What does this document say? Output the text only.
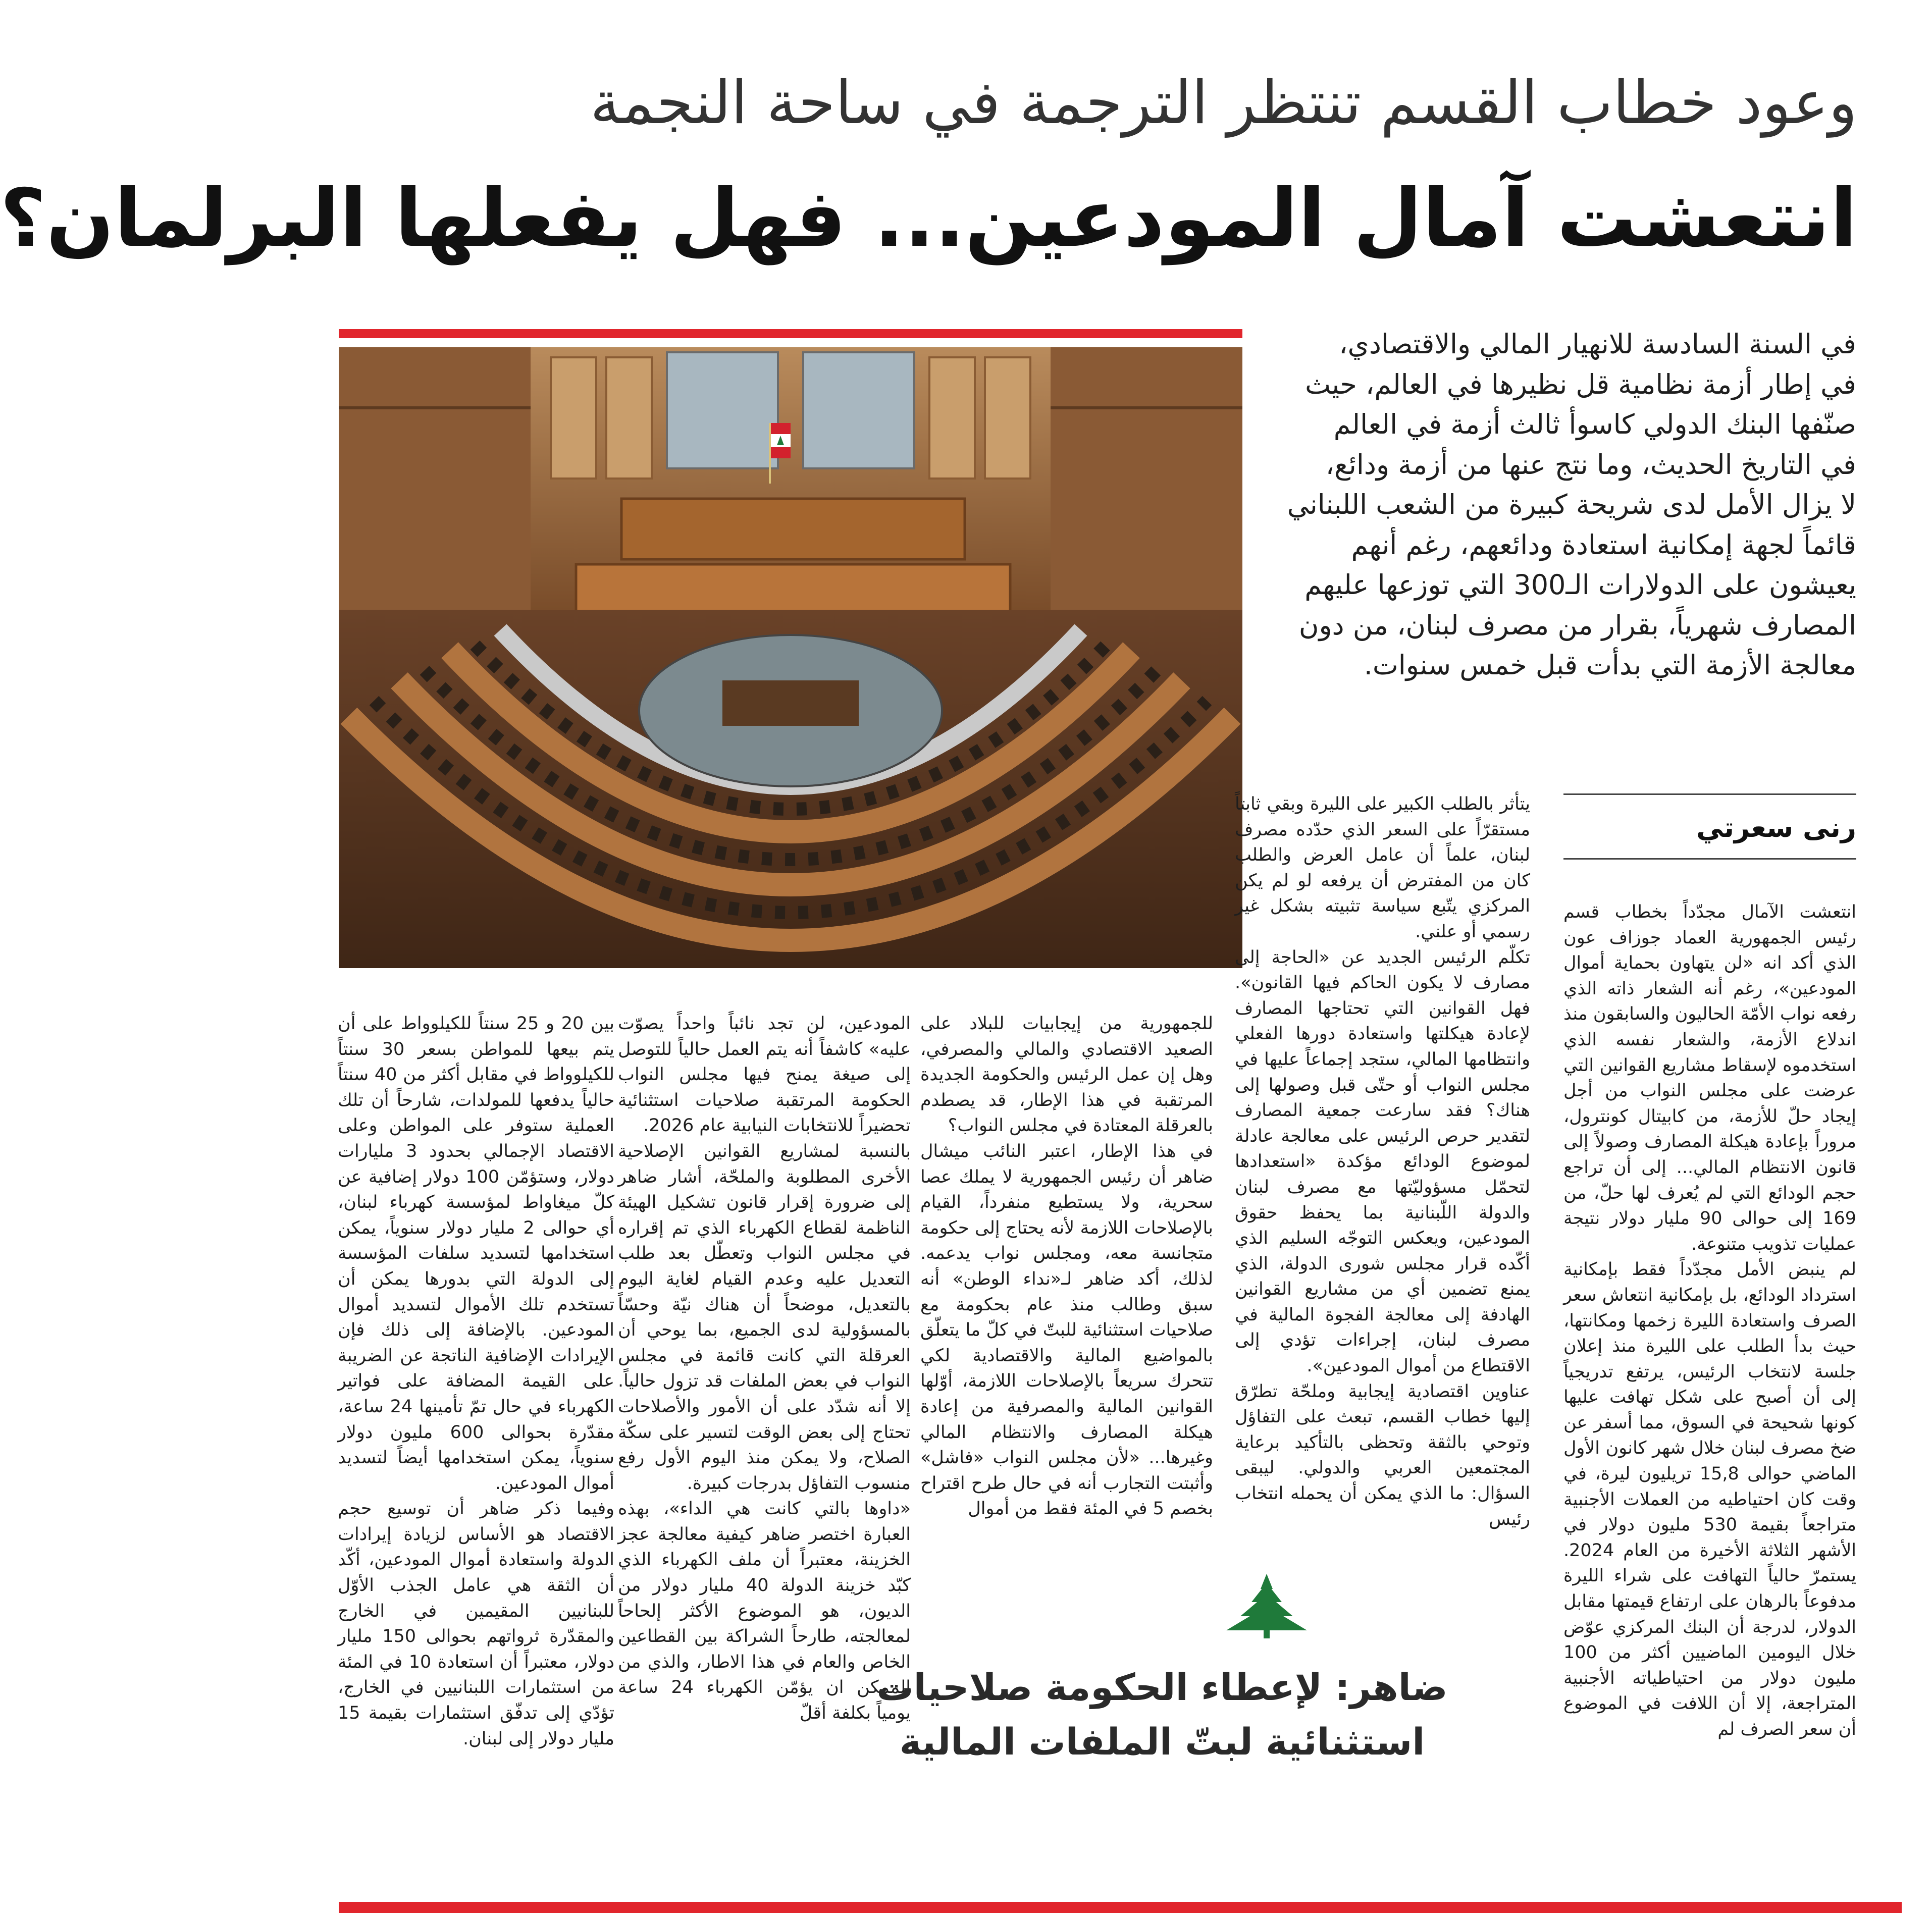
وعود خطاب القسم تنتظر الترجمة في ساحة النجمة
انتعشت آمال المودعين... فهل يفعلها البرلمان؟

في السنة السادسة للانهيار المالي والاقتصادي،

في إطار أزمة نظامية قل نظيرها في العالم، حيث

صنّفها البنك الدولي كاسوأ ثالث أزمة في العالم

في التاريخ الحديث، وما نتج عنها من أزمة ودائع،

لا يزال الأمل لدى شريحة كبيرة من الشعب اللبناني

قائماً لجهة إمكانية استعادة ودائعهم، رغم أنهم

يعيشون على الدولارات الـ300 التي توزعها عليهم

المصارف شهرياً، بقرار من مصرف لبنان، من دون

معالجة الأزمة التي بدأت قبل خمس سنوات.

رنى سعرتي

انتعشت الآمال مجدّداً بخطاب قسم رئيس الجمهورية العماد جوزاف عون الذي أكد انه «لن يتهاون بحماية أموال المودعين»، رغم أنه الشعار ذاته الذي رفعه نواب الأمّة الحاليون والسابقون منذ اندلاع الأزمة، والشعار نفسه الذي استخدموه لإسقاط مشاريع القوانين التي عرضت على مجلس النواب من أجل إيجاد حلّ للأزمة، من كابيتال كونترول، مروراً بإعادة هيكلة المصارف وصولاً إلى قانون الانتظام المالي... إلى أن تراجع حجم الودائع التي لم يُعرف لها حلّ، من 169 إلى حوالى 90 مليار دولار نتيجة عمليات تذويب متنوعة.

لم ينبض الأمل مجدّداً فقط بإمكانية استرداد الودائع، بل بإمكانية انتعاش سعر الصرف واستعادة الليرة زخمها ومكانتها، حيث بدأ الطلب على الليرة منذ إعلان جلسة لانتخاب الرئيس، يرتفع تدريجياً إلى أن أصبح على شكل تهافت عليها كونها شحيحة في السوق، مما أسفر عن ضخ مصرف لبنان خلال شهر كانون الأول الماضي حوالى 15,8 تريليون ليرة، في وقت كان احتياطيه من العملات الأجنبية متراجعاً بقيمة 530 مليون دولار في الأشهر الثلاثة الأخيرة من العام 2024. يستمرّ حالياً التهافت على شراء الليرة مدفوعاً بالرهان على ارتفاع قيمتها مقابل الدولار، لدرجة أن البنك المركزي عوّض خلال اليومين الماضيين أكثر من 100 مليون دولار من احتياطياته الأجنبية المتراجعة، إلا أن اللافت في الموضوع أن سعر الصرف لم

يتأثر بالطلب الكبير على الليرة وبقي ثابتاً مستقرّاً على السعر الذي حدّده مصرف لبنان، علماً أن عامل العرض والطلب كان من المفترض أن يرفعه لو لم يكن المركزي يتّبع سياسة تثبيته بشكل غير رسمي أو علني.

تكلّم الرئيس الجديد عن «الحاجة إلى مصارف لا يكون الحاكم فيها القانون». فهل القوانين التي تحتاجها المصارف لإعادة هيكلتها واستعادة دورها الفعلي وانتظامها المالي، ستجد إجماعاً عليها في مجلس النواب أو حتّى قبل وصولها إلى هناك؟ فقد سارعت جمعية المصارف لتقدير حرص الرئيس على معالجة عادلة لموضوع الودائع مؤكدة «استعدادها لتحمّل مسؤوليّتها مع مصرف لبنان والدولة اللّبنانية بما يحفظ حقوق المودعين، ويعكس التوجّه السليم الذي أكّده قرار مجلس شورى الدولة، الذي يمنع تضمين أي من مشاريع القوانين الهادفة إلى معالجة الفجوة المالية في مصرف لبنان، إجراءات تؤدي إلى الاقتطاع من أموال المودعين».

عناوين اقتصادية إيجابية وملحّة تطرّق إليها خطاب القسم، تبعث على التفاؤل وتوحي بالثقة وتحظى بالتأكيد برعاية المجتمعين العربي والدولي. ليبقى السؤال: ما الذي يمكن أن يحمله انتخاب رئيس

للجمهورية من إيجابيات للبلاد على الصعيد الاقتصادي والمالي والمصرفي، وهل إن عمل الرئيس والحكومة الجديدة المرتقبة في هذا الإطار، قد يصطدم بالعرقلة المعتادة في مجلس النواب؟

في هذا الإطار، اعتبر النائب ميشال ضاهر أن رئيس الجمهورية لا يملك عصا سحرية، ولا يستطيع منفرداً، القيام بالإصلاحات اللازمة لأنه يحتاج إلى حكومة متجانسة معه، ومجلس نواب يدعمه. لذلك، أكد ضاهر لـ«نداء الوطن» أنه سبق وطالب منذ عام بحكومة مع صلاحيات استثنائية للبتّ في كلّ ما يتعلّق بالمواضيع المالية والاقتصادية لكي تتحرك سريعاً بالإصلاحات اللازمة، أوّلها القوانين المالية والمصرفية من إعادة هيكلة المصارف والانتظام المالي وغيرها... «لأن مجلس النواب «فاشل» وأثبتت التجارب أنه في حال طرح اقتراح بخصم 5 في المئة فقط من أموال

المودعين، لن تجد نائباً واحداً يصوّت عليه» كاشفاً أنه يتم العمل حالياً للتوصل إلى صيغة يمنح فيها مجلس النواب الحكومة المرتقبة صلاحيات استثنائية تحضيراً للانتخابات النيابية عام 2026.

بالنسبة لمشاريع القوانين الإصلاحية الأخرى المطلوبة والملحّة، أشار ضاهر إلى ضرورة إقرار قانون تشكيل الهيئة الناظمة لقطاع الكهرباء الذي تم إقراره في مجلس النواب وتعطّل بعد طلب التعديل عليه وعدم القيام لغاية اليوم بالتعديل، موضحاً أن هناك نيّة وحسّاً بالمسؤولية لدى الجميع، بما يوحي أن العرقلة التي كانت قائمة في مجلس النواب في بعض الملفات قد تزول حالياً. إلا أنه شدّد على أن الأمور والأصلاحات تحتاج إلى بعض الوقت لتسير على سكّة الصلاح، ولا يمكن منذ اليوم الأول رفع منسوب التفاؤل بدرجات كبيرة.

«داوها بالتي كانت هي الداء»، بهذه العبارة اختصر ضاهر كيفية معالجة عجز الخزينة، معتبراً أن ملف الكهرباء الذي كبّد خزينة الدولة 40 مليار دولار من الديون، هو الموضوع الأكثر إلحاحاً لمعالجته، طارحاً الشراكة بين القطاعين الخاص والعام في هذا الاطار، والذي من الممكن ان يؤمّن الكهرباء 24 ساعة يومياً بكلفة أقلّ

بين 20 و 25 سنتاً للكيلوواط على أن يتم بيعها للمواطن بسعر 30 سنتاً للكيلوواط في مقابل أكثر من 40 سنتاً حالياً يدفعها للمولدات، شارحاً أن تلك العملية ستوفر على المواطن وعلى الاقتصاد الإجمالي بحدود 3 مليارات دولار، وستؤمّن 100 دولار إضافية عن كلّ ميغاواط لمؤسسة كهرباء لبنان، أي حوالى 2 مليار دولار سنوياً، يمكن استخدامها لتسديد سلفات المؤسسة إلى الدولة التي بدورها يمكن أن تستخدم تلك الأموال لتسديد أموال المودعين. بالإضافة إلى ذلك فإن الإيرادات الإضافية الناتجة عن الضريبة على القيمة المضافة على فواتير الكهرباء في حال تمّ تأمينها 24 ساعة، مقدّرة بحوالى 600 مليون دولار سنوياً، يمكن استخدامها أيضاً لتسديد أموال المودعين.

وفيما ذكر ضاهر أن توسيع حجم الاقتصاد هو الأساس لزيادة إيرادات الدولة واستعادة أموال المودعين، أكّد أن الثقة هي عامل الجذب الأوّل للبنانيين المقيمين في الخارج والمقدّرة ثرواتهم بحوالى 150 مليار دولار، معتبراً أن استعادة 10 في المئة من استثمارات اللبنانيين في الخارج، تؤدّي إلى تدفّق استثمارات بقيمة 15 مليار دولار إلى لبنان.

ضاهر: لإعطاء الحكومة صلاحيات

استثنائية لبتّ الملفات المالية
